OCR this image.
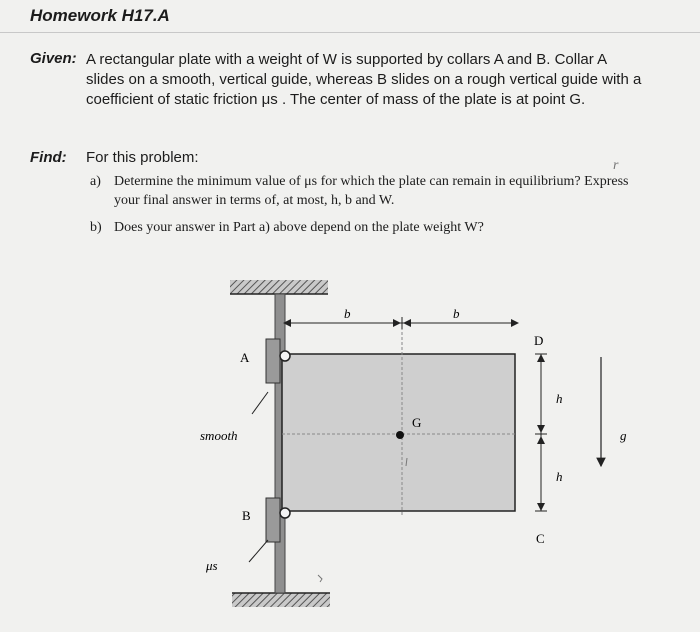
Homework H17.A
Given: A rectangular plate with a weight of W is supported by collars A and B. Collar A slides on a smooth, vertical guide, whereas B slides on a rough vertical guide with a coefficient of static friction μs . The center of mass of the plate is at point G.
Find: For this problem:	r
a) Determine the minimum value of μs for which the plate can remain in equilibrium? Express your final answer in terms of, at most, h, b and W.
b) Does your answer in Part a) above depend on the plate weight W?
b	b
h
h
g
D
C
A
B
G
smooth
μs
